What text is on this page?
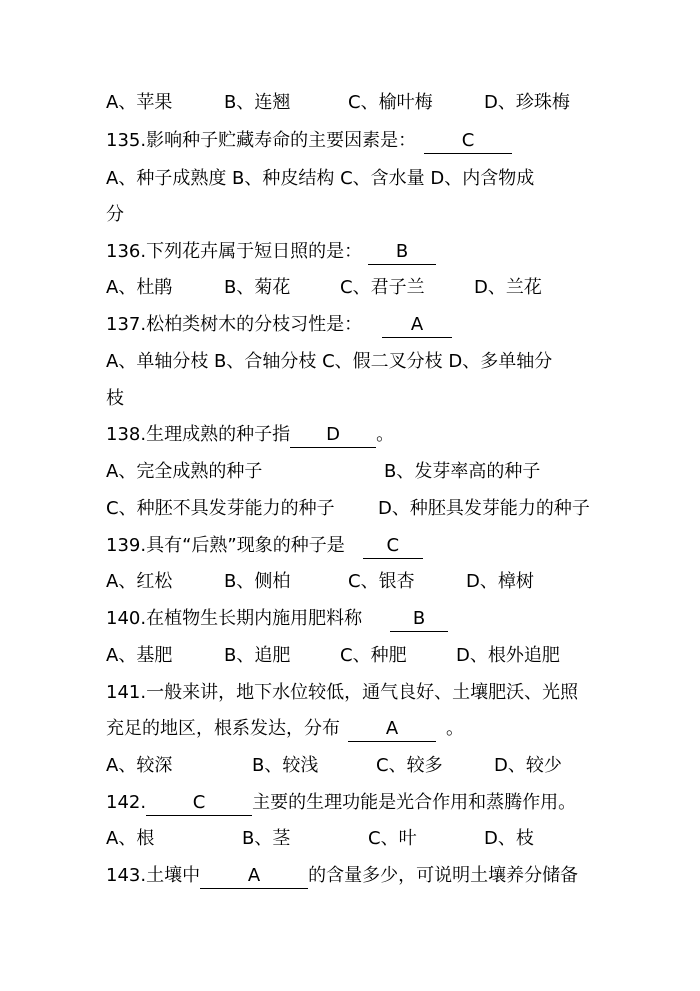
A、苹果	B、连翘	C、榆叶梅	D、珍珠梅
135.影响种子贮藏寿命的主要因素是：	C
A、种子成熟度 B、种皮结构 C、含水量 D、内含物成
分
136.下列花卉属于短日照的是： B
A、杜鹃	B、菊花	C、君子兰	D、兰花
137.松柏类树木的分枝习性是：	A
A、单轴分枝 B、合轴分枝 C、假二叉分枝 D、多单轴分
枝
138.生理成熟的种子指 D 。
A、完全成熟的种子	B、发芽率高的种子
C、种胚不具发芽能力的种子 D、种胚具发芽能力的种子
139.具有“后熟”现象的种子是 C
A、红松	B、侧柏	C、银杏	D、樟树
140.在植物生长期内施用肥料称	B
A、基肥	B、追肥	C、种肥	D、根外追肥
141.一般来讲，地下水位较低，通气良好、土壤肥沃、光照
充足的地区，根系发达，分布	A	。
A、较深	B、较浅	C、较多	D、较少
142.	C	主要的生理功能是光合作用和蒸腾作用。
A、根	B、茎	C、叶	D、枝
143.土壤中	A	的含量多少，可说明土壤养分储备
